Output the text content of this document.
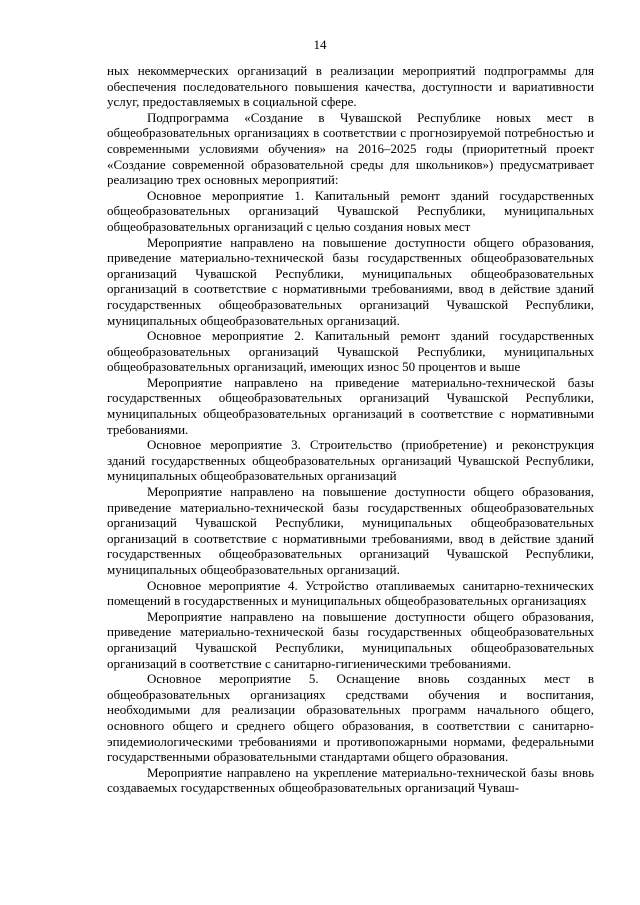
14

ных некоммерческих организаций в реализации мероприятий подпрограммы для обеспечения последовательного повышения качества, доступности и вариативности услуг, предоставляемых в социальной сфере.

Подпрограмма «Создание в Чувашской Республике новых мест в общеобразовательных организациях в соответствии с прогнозируемой потребностью и современными условиями обучения» на 2016–2025 годы (приоритетный проект «Создание современной образовательной среды для школьников») предусматривает реализацию трех основных мероприятий:

Основное мероприятие 1. Капитальный ремонт зданий государственных общеобразовательных организаций Чувашской Республики, муниципальных общеобразовательных организаций с целью создания новых мест

Мероприятие направлено на повышение доступности общего образования, приведение материально-технической базы государственных общеобразовательных организаций Чувашской Республики, муниципальных общеобразовательных организаций в соответствие с нормативными требованиями, ввод в действие зданий государственных общеобразовательных организаций Чувашской Республики, муниципальных общеобразовательных организаций.

Основное мероприятие 2. Капитальный ремонт зданий государственных общеобразовательных организаций Чувашской Республики, муниципальных общеобразовательных организаций, имеющих износ 50 процентов и выше

Мероприятие направлено на приведение материально-технической базы государственных общеобразовательных организаций Чувашской Республики, муниципальных общеобразовательных организаций в соответствие с нормативными требованиями.

Основное мероприятие 3. Строительство (приобретение) и реконструкция зданий государственных общеобразовательных организаций Чувашской Республики, муниципальных общеобразовательных организаций

Мероприятие направлено на повышение доступности общего образования, приведение материально-технической базы государственных общеобразовательных организаций Чувашской Республики, муниципальных общеобразовательных организаций в соответствие с нормативными требованиями, ввод в действие зданий государственных общеобразовательных организаций Чувашской Республики, муниципальных общеобразовательных организаций.

Основное мероприятие 4. Устройство отапливаемых санитарно-технических помещений в государственных и муниципальных общеобразовательных организациях

Мероприятие направлено на повышение доступности общего образования, приведение материально-технической базы государственных общеобразовательных организаций Чувашской Республики, муниципальных общеобразовательных организаций в соответствие с санитарно-гигиеническими требованиями.

Основное мероприятие 5. Оснащение вновь созданных мест в общеобразовательных организациях средствами обучения и воспитания, необходимыми для реализации образовательных программ начального общего, основного общего и среднего общего образования, в соответствии с санитарно-эпидемиологическими требованиями и противопожарными нормами, федеральными государственными образовательными стандартами общего образования.

Мероприятие направлено на укрепление материально-технической базы вновь создаваемых государственных общеобразовательных организаций Чуваш-
